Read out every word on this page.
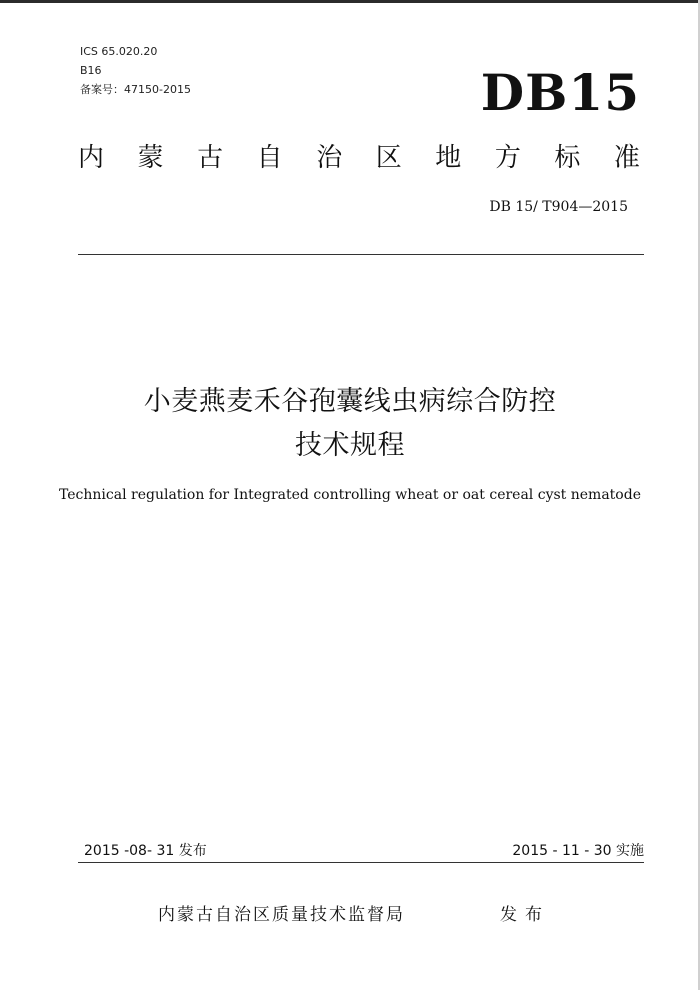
ICS 65.020.20
B16
备案号：47150-2015	DB15
内 蒙 古 自 治 区 地 方 标 准
DB 15/ T904—2015
小麦燕麦禾谷孢囊线虫病综合防控
技术规程
Technical regulation for Integrated controlling wheat or oat cereal cyst nematode
2015 -08- 31 发布	2015 - 11 - 30 实施
内蒙古自治区质量技术监督局	发布
